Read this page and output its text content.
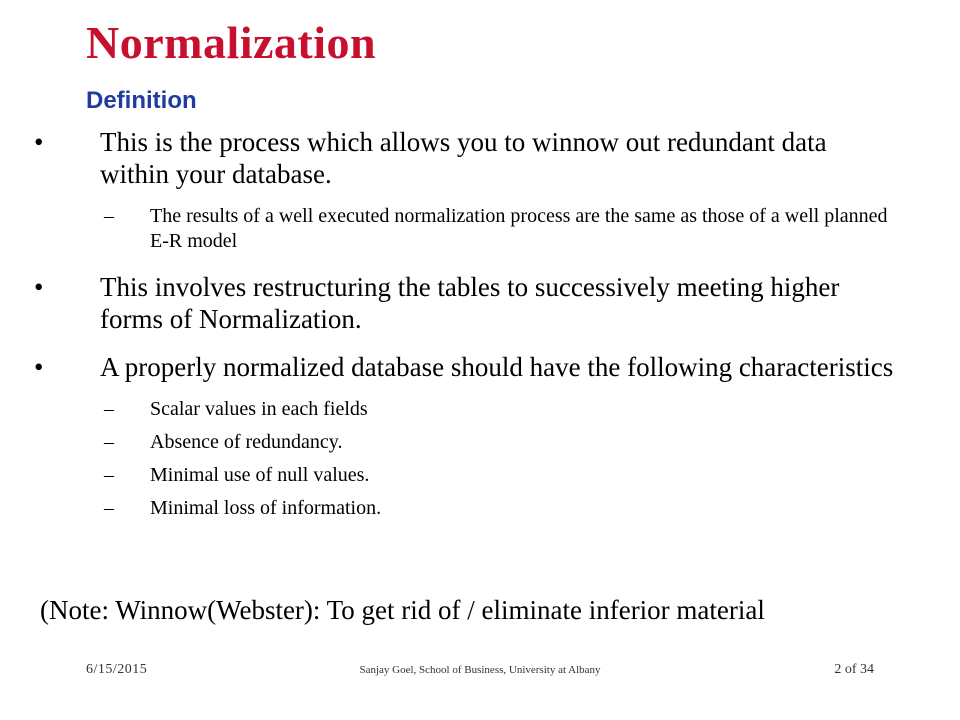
Normalization
Definition

•	This is the process which allows you to winnow out redundant data within your database.

– The results of a well executed normalization process are the same as those of a well planned E-R model

•	This involves restructuring the tables to successively meeting higher forms of Normalization.

•	A properly normalized database should have the following characteristics

– Scalar values in each fields

– Absence of redundancy.

– Minimal use of null values.

– Minimal loss of information.

(Note: Winnow(Webster): To get rid of / eliminate inferior material

6/15/2015	Sanjay Goel, School of Business, University at Albany	2 of 34
